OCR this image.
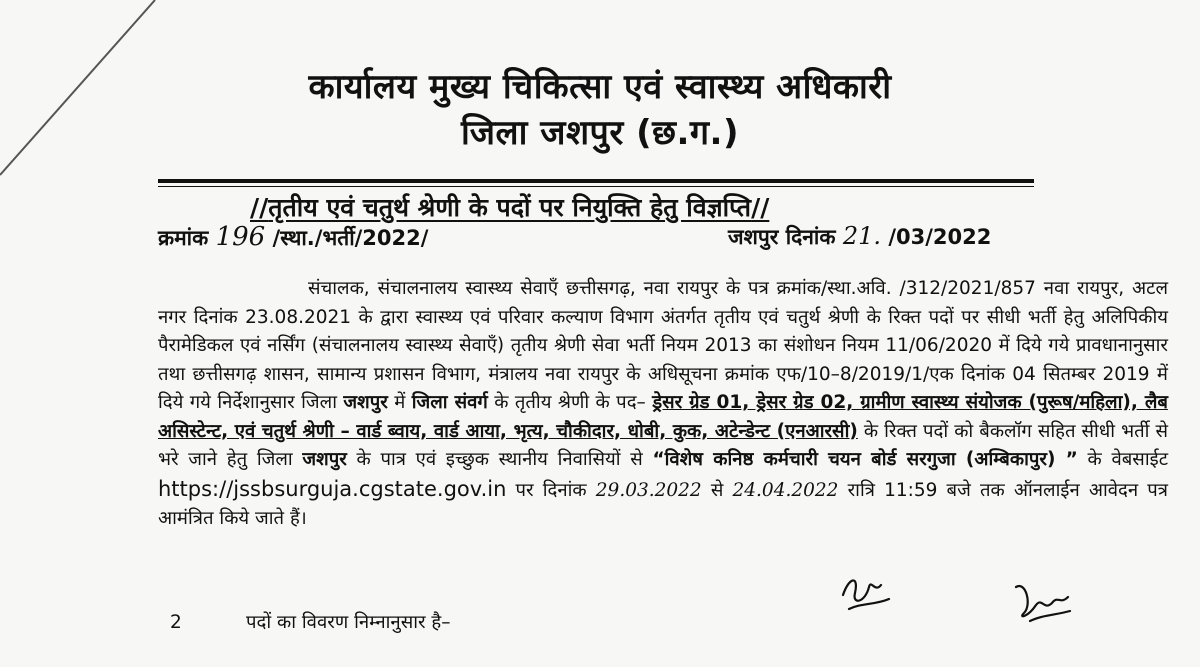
कार्यालय मुख्य चिकित्सा एवं स्वास्थ्य अधिकारी
जिला जशपुर (छ.ग.)
//तृतीय एवं चतुर्थ श्रेणी के पदों पर नियुक्ति हेतु विज्ञप्ति//
क्रमांक 196 /स्था./भर्ती/2022/	जशपुर दिनांक 21. /03/2022
संचालक, संचालनालय स्वास्थ्य सेवाएँ छत्तीसगढ़, नवा रायपुर के पत्र क्रमांक/स्था.अवि. /312/2021/857 नवा रायपुर, अटल नगर दिनांक 23.08.2021 के द्वारा स्वास्थ्य एवं परिवार कल्याण विभाग अंतर्गत तृतीय एवं चतुर्थ श्रेणी के रिक्त पदों पर सीधी भर्ती हेतु अलिपिकीय पैरामेडिकल एवं नर्सिंग (संचालनालय स्वास्थ्य सेवाएँ) तृतीय श्रेणी सेवा भर्ती नियम 2013 का संशोधन नियम 11/06/2020 में दिये गये प्रावधानानुसार तथा छत्तीसगढ़ शासन, सामान्य प्रशासन विभाग, मंत्रालय नवा रायपुर के अधिसूचना क्रमांक एफ/10–8/2019/1/एक दिनांक 04 सितम्बर 2019 में दिये गये निर्देशानुसार जिला जशपुर में जिला संवर्ग के तृतीय श्रेणी के पद– ड्रेसर ग्रेड 01, ड्रेसर ग्रेड 02, ग्रामीण स्वास्थ्य संयोजक (पुरूष/महिला), लैब असिस्टेन्ट, एवं चतुर्थ श्रेणी – वार्ड ब्वाय, वार्ड आया, भृत्य, चौकीदार, धोबी, कुक, अटेन्डेन्ट (एनआरसी) के रिक्त पदों को बैकलॉग सहित सीधी भर्ती से भरे जाने हेतु जिला जशपुर के पात्र एवं इच्छुक स्थानीय निवासियों से “विशेष कनिष्ठ कर्मचारी चयन बोर्ड सरगुजा (अम्बिकापुर) ” के वेबसाईट https://jssbsurguja.cgstate.gov.in पर दिनांक 29.03.2022 से 24.04.2022 रात्रि 11:59 बजे तक ऑनलाईन आवेदन पत्र आमंत्रित किये जाते हैं।
2	पदों का विवरण निम्नानुसार है–
